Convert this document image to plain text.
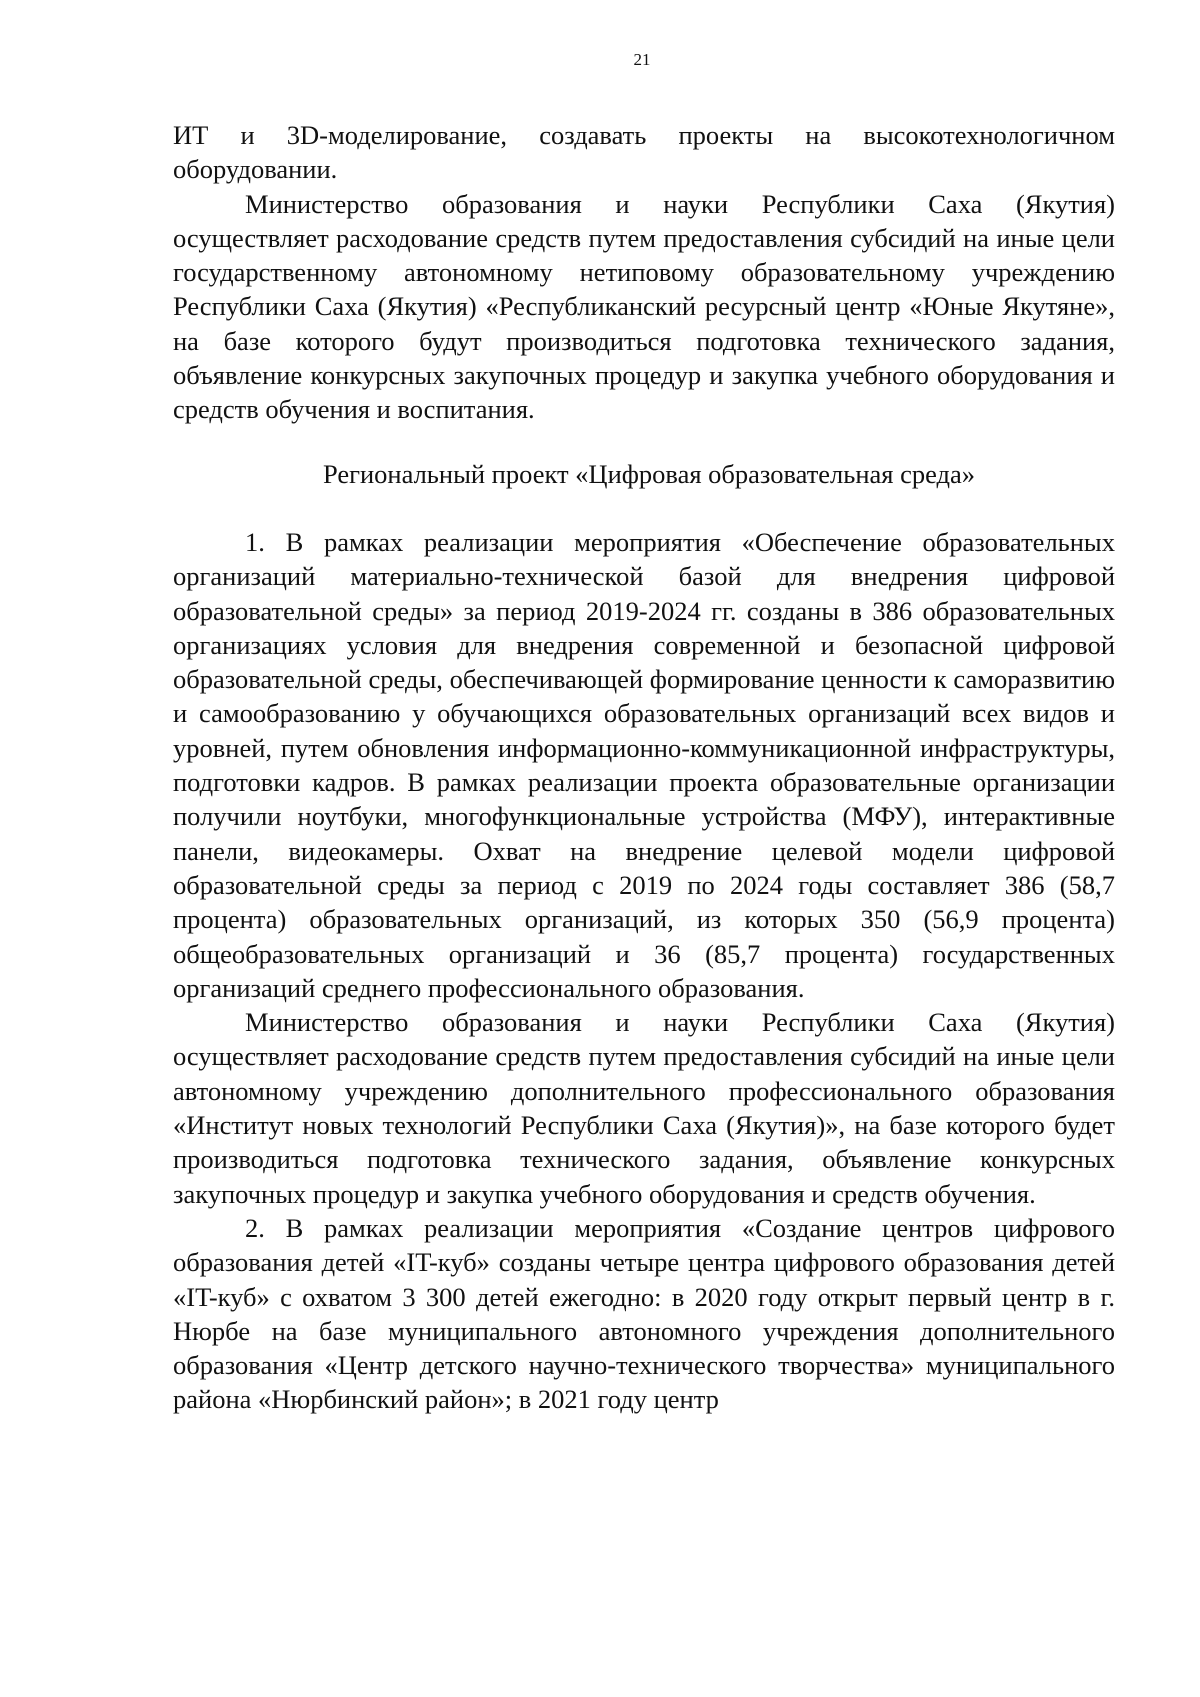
21

ИТ и 3D-моделирование, создавать проекты на высокотехнологичном оборудовании.

Министерство образования и науки Республики Саха (Якутия) осуществляет расходование средств путем предоставления субсидий на иные цели государственному автономному нетиповому образовательному учреждению Республики Саха (Якутия) «Республиканский ресурсный центр «Юные Якутяне», на базе которого будут производиться подготовка технического задания, объявление конкурсных закупочных процедур и закупка учебного оборудования и средств обучения и воспитания.

Региональный проект «Цифровая образовательная среда»

1. В рамках реализации мероприятия «Обеспечение образовательных организаций материально-технической базой для внедрения цифровой образовательной среды» за период 2019-2024 гг. созданы в 386 образовательных организациях условия для внедрения современной и безопасной цифровой образовательной среды, обеспечивающей формирование ценности к саморазвитию и самообразованию у обучающихся образовательных организаций всех видов и уровней, путем обновления информационно-коммуникационной инфраструктуры, подготовки кадров. В рамках реализации проекта образовательные организации получили ноутбуки, многофункциональные устройства (МФУ), интерактивные панели, видеокамеры. Охват на внедрение целевой модели цифровой образовательной среды за период с 2019 по 2024 годы составляет 386 (58,7 процента) образовательных организаций, из которых 350 (56,9 процента) общеобразовательных организаций и 36 (85,7 процента) государственных организаций среднего профессионального образования.

Министерство образования и науки Республики Саха (Якутия) осуществляет расходование средств путем предоставления субсидий на иные цели автономному учреждению дополнительного профессионального образования «Институт новых технологий Республики Саха (Якутия)», на базе которого будет производиться подготовка технического задания, объявление конкурсных закупочных процедур и закупка учебного оборудования и средств обучения.

2. В рамках реализации мероприятия «Создание центров цифрового образования детей «IT-куб» созданы четыре центра цифрового образования детей «IT-куб» с охватом 3 300 детей ежегодно: в 2020 году открыт первый центр в г. Нюрбе на базе муниципального автономного учреждения дополнительного образования «Центр детского научно-технического творчества» муниципального района «Нюрбинский район»; в 2021 году центр
